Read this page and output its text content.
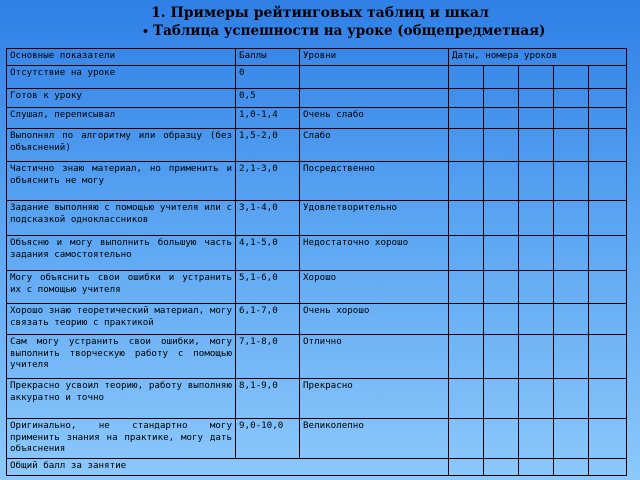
1. Примеры рейтинговых таблиц и шкал
• Таблица успешности на уроке (общепредметная)
Основные показатели	Баллы	Уровни	Даты, номера уроков				
Отсутствие на уроке	0						
Готов к уроку	0,5						
Слушал, переписывал	1,0-1,4	Очень слабо					
Выполнял по алгоритму или образцу (без объяснений)	1,5-2,0	Слабо					
Частично знаю материал, но применить и объяснить не могу	2,1-3,0	Посредственно					
Задание выполняю с помощью учителя или с подсказкой одноклассников	3,1-4,0	Удовлетворительно					
Объясню и могу выполнить большую часть задания самостоятельно	4,1-5,0	Недостаточно хорошо					
Могу объяснить свои ошибки и устранить их с помощью учителя	5,1-6,0	Хорошо					
Хорошо знаю теоретический материал, могу связать теорию с практикой	6,1-7,0	Очень хорошо					
Сам могу устранить свои ошибки, могу выполнить творческую работу с помощью учителя	7,1-8,0	Отлично					
Прекрасно усвоил теорию, работу выполняю аккуратно и точно	8,1-9,0	Прекрасно					
Оригинально, не стандартно могу применить знания на практике, могу дать объяснения	9,0-10,0	Великолепно					
Общий балл за занятие							
